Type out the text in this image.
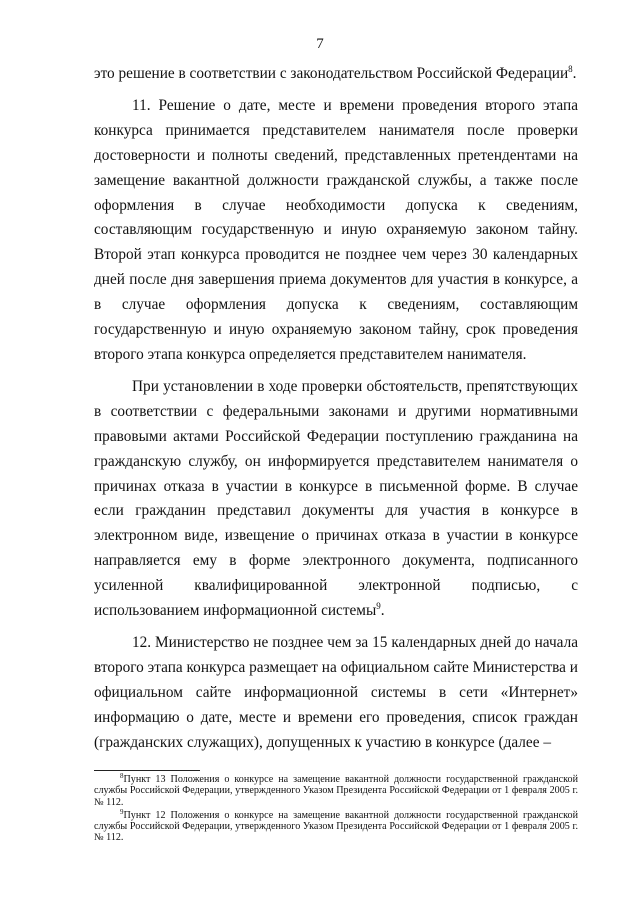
7

это решение в соответствии с законодательством Российской Федерации$^8$.

11. Решение о дате, месте и времени проведения второго этапа конкурса принимается представителем нанимателя после проверки достоверности и полноты сведений, представленных претендентами на замещение вакантной должности гражданской службы, а также после оформления в случае необходимости допуска к сведениям, составляющим государственную и иную охраняемую законом тайну. Второй этап конкурса проводится не позднее чем через 30 календарных дней после дня завершения приема документов для участия в конкурсе, а в случае оформления допуска к сведениям, составляющим государственную и иную охраняемую законом тайну, срок проведения второго этапа конкурса определяется представителем нанимателя.

При установлении в ходе проверки обстоятельств, препятствующих в соответствии с федеральными законами и другими нормативными правовыми актами Российской Федерации поступлению гражданина на гражданскую службу, он информируется представителем нанимателя о причинах отказа в участии в конкурсе в письменной форме. В случае если гражданин представил документы для участия в конкурсе в электронном виде, извещение о причинах отказа в участии в конкурсе направляется ему в форме электронного документа, подписанного усиленной квалифицированной электронной подписью, с использованием информационной системы$^9$.

12. Министерство не позднее чем за 15 календарных дней до начала второго этапа конкурса размещает на официальном сайте Министерства и официальном сайте информационной системы в сети «Интернет» информацию о дате, месте и времени его проведения, список граждан (гражданских служащих), допущенных к участию в конкурсе (далее –

$^8$Пункт 13 Положения о конкурсе на замещение вакантной должности государственной гражданской службы Российской Федерации, утвержденного Указом Президента Российской Федерации от 1 февраля 2005 г. № 112.

$^9$Пункт 12 Положения о конкурсе на замещение вакантной должности государственной гражданской службы Российской Федерации, утвержденного Указом Президента Российской Федерации от 1 февраля 2005 г. № 112.
